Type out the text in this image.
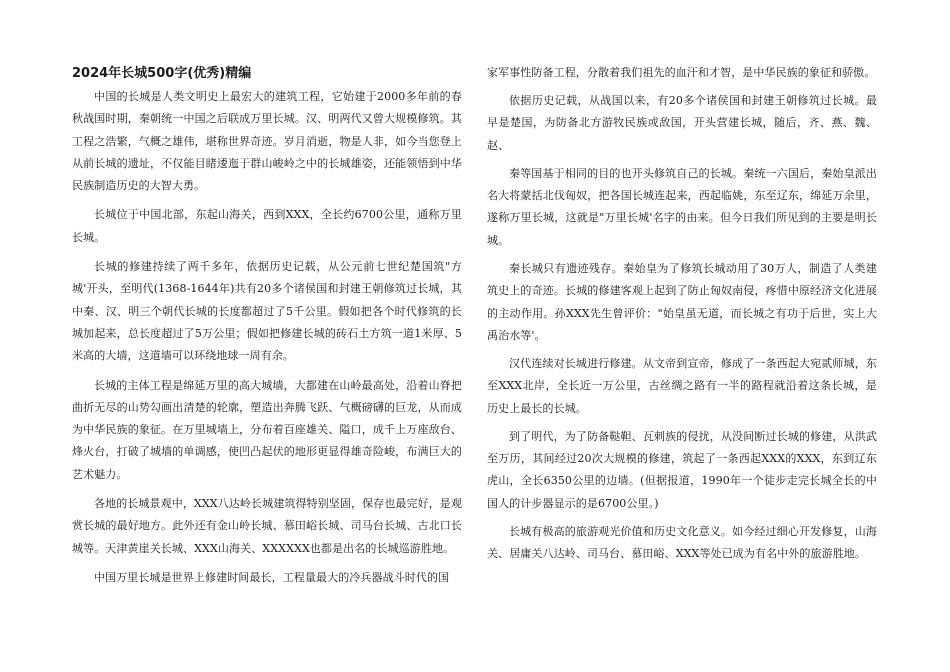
2024年长城500字(优秀)精编

中国的长城是人类文明史上最宏大的建筑工程，它始建于2000多年前的春秋战国时期，秦朝统一中国之后联成万里长城。汉、明两代又曾大规模修筑。其工程之浩繁，气概之雄伟，堪称世界奇迹。岁月消逝，物是人非，如今当您登上从前长城的遗址，不仅能目睹逶迤于群山峻岭之中的长城雄姿，还能领悟到中华民族制造历史的大智大勇。

长城位于中国北部，东起山海关，西到XXX，全长约6700公里，通称万里长城。

长城的修建持续了两千多年，依据历史记载，从公元前七世纪楚国筑"方城'开头，至明代(1368-1644年)共有20多个诸侯国和封建王朝修筑过长城，其中秦、汉、明三个朝代长城的长度都超过了5千公里。假如把各个时代修筑的长城加起来，总长度超过了5万公里；假如把修建长城的砖石土方筑一道1米厚、5米高的大墙，这道墙可以环绕地球一周有余。

长城的主体工程是绵延万里的高大城墙，大都建在山岭最高处，沿着山脊把曲折无尽的山势勾画出清楚的轮廓，塑造出奔腾飞跃、气概磅礴的巨龙，从而成为中华民族的象征。在万里城墙上，分布着百座雄关、隘口，成千上万座敌台、烽火台，打破了城墙的单调感，使凹凸起伏的地形更显得雄奇险峻，布满巨大的艺术魅力。

各地的长城景观中，XXX八达岭长城建筑得特别坚固，保存也最完好，是观赏长城的最好地方。此外还有金山岭长城、慕田峪长城、司马台长城、古北口长城等。天津黄崖关长城、XXX山海关、XXXXXX也都是出名的长城巡游胜地。

中国万里长城是世界上修建时间最长，工程量最大的冷兵器战斗时代的国

家军事性防备工程，分散着我们祖先的血汗和才智，是中华民族的象征和骄傲。

依据历史记载，从战国以来，有20多个诸侯国和封建王朝修筑过长城。最早是楚国，为防备北方游牧民族或敌国，开头营建长城，随后，齐、燕、魏、赵、

秦等国基于相同的目的也开头修筑自己的长城。秦统一六国后，秦始皇派出名大将蒙括北伐匈奴，把各国长城连起来，西起临姚，东至辽东，绵延万余里，遂称万里长城，这就是"万里长城'名字的由来。但今日我们所见到的主要是明长城。

秦长城只有遗迹残存。秦始皇为了修筑长城动用了30万人，制造了人类建筑史上的奇迹。长城的修建客观上起到了防止匈奴南侵，疼惜中原经济文化进展的主动作用。孙XXX先生曾评价："始皇虽无道，而长城之有功于后世，实上大禹治水等'。

汉代连续对长城进行修建。从文帝到宣帝，修成了一条西起大宛贰师城，东至XXX北岸，全长近一万公里，古丝绸之路有一半的路程就沿着这条长城，是历史上最长的长城。

到了明代，为了防备鞑靼、瓦剌族的侵扰，从没间断过长城的修建，从洪武至万历，其间经过20次大规模的修建，筑起了一条西起XXX的XXX，东到辽东虎山，全长6350公里的边墙。(但据报道，1990年一个徒步走完长城全长的中国人的计步器显示的是6700公里。)

长城有极高的旅游观光价值和历史文化意义。如今经过细心开发修复，山海关、居庸关八达岭、司马台、慕田峪、XXX等处已成为有名中外的旅游胜地。
